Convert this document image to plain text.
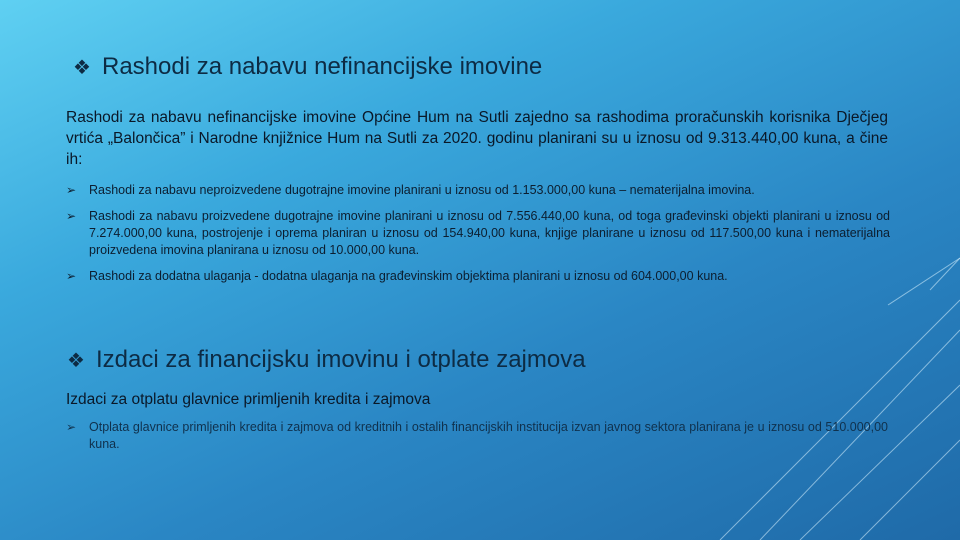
❖ Rashodi za nabavu nefinancijske imovine
Rashodi za nabavu nefinancijske imovine Općine Hum na Sutli zajedno sa rashodima proračunskih korisnika Dječjeg vrtića „Balončica” i Narodne knjižnice Hum na Sutli za 2020. godinu planirani su u iznosu od 9.313.440,00 kuna, a čine ih:
➢	Rashodi za nabavu neproizvedene dugotrajne imovine planirani u iznosu od 1.153.000,00 kuna – nematerijalna imovina.
➢	Rashodi za nabavu proizvedene dugotrajne imovine planirani u iznosu od 7.556.440,00 kuna, od toga građevinski objekti planirani u iznosu od 7.274.000,00 kuna, postrojenje i oprema planiran u iznosu od 154.940,00 kuna, knjige planirane u iznosu od 117.500,00 kuna i nematerijalna proizvedena imovina planirana u iznosu od 10.000,00 kuna.
➢	Rashodi za dodatna ulaganja - dodatna ulaganja na građevinskim objektima planirani u iznosu od 604.000,00 kuna.
❖ Izdaci za financijsku imovinu i otplate zajmova
Izdaci za otplatu glavnice primljenih kredita i zajmova
➢	Otplata glavnice primljenih kredita i zajmova od kreditnih i ostalih financijskih institucija izvan javnog sektora planirana je u iznosu od 510.000,00 kuna.
